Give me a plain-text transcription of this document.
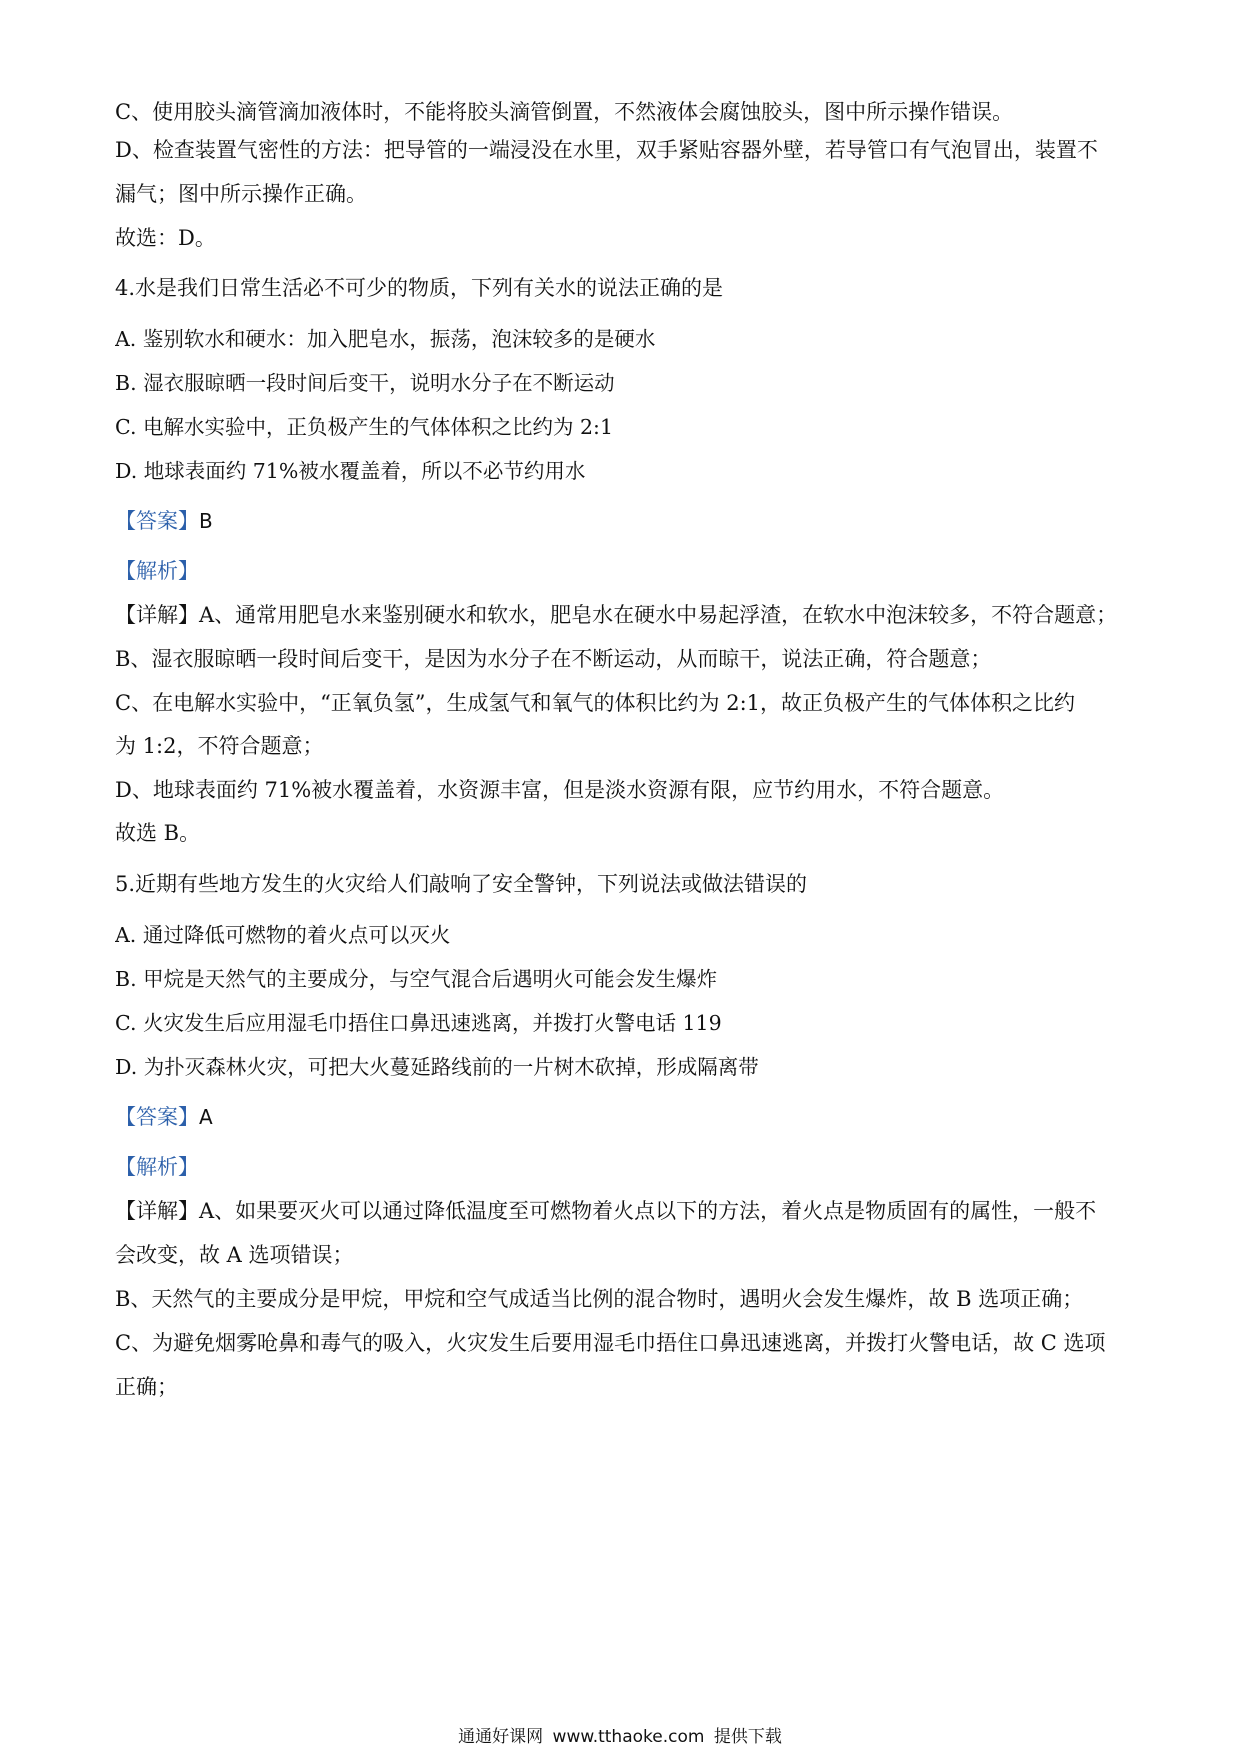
C、使用胶头滴管滴加液体时，不能将胶头滴管倒置，不然液体会腐蚀胶头，图中所示操作错误。
D、检查装置气密性的方法：把导管的一端浸没在水里，双手紧贴容器外壁，若导管口有气泡冒出，装置不
漏气；图中所示操作正确。
故选：D。
4.水是我们日常生活必不可少的物质，下列有关水的说法正确的是
A. 鉴别软水和硬水：加入肥皂水，振荡，泡沫较多的是硬水
B. 湿衣服晾晒一段时间后变干，说明水分子在不断运动
C. 电解水实验中，正负极产生的气体体积之比约为 2:1
D. 地球表面约 71%被水覆盖着，所以不必节约用水
【答案】B
【解析】
【详解】A、通常用肥皂水来鉴别硬水和软水，肥皂水在硬水中易起浮渣，在软水中泡沫较多，不符合题意；
B、湿衣服晾晒一段时间后变干，是因为水分子在不断运动，从而晾干，说法正确，符合题意；
C、在电解水实验中，“正氧负氢”，生成氢气和氧气的体积比约为 2:1，故正负极产生的气体体积之比约
为 1:2，不符合题意；
D、地球表面约 71%被水覆盖着，水资源丰富，但是淡水资源有限，应节约用水，不符合题意。
故选 B。
5.近期有些地方发生的火灾给人们敲响了安全警钟，下列说法或做法错误的
A. 通过降低可燃物的着火点可以灭火
B. 甲烷是天然气的主要成分，与空气混合后遇明火可能会发生爆炸
C. 火灾发生后应用湿毛巾捂住口鼻迅速逃离，并拨打火警电话 119
D. 为扑灭森林火灾，可把大火蔓延路线前的一片树木砍掉，形成隔离带
【答案】A
【解析】
【详解】A、如果要灭火可以通过降低温度至可燃物着火点以下的方法，着火点是物质固有的属性，一般不
会改变，故 A 选项错误；
B、天然气的主要成分是甲烷，甲烷和空气成适当比例的混合物时，遇明火会发生爆炸，故 B 选项正确；
C、为避免烟雾呛鼻和毒气的吸入，火灾发生后要用湿毛巾捂住口鼻迅速逃离，并拨打火警电话，故 C 选项
正确；
通通好课网 www.tthaoke.com 提供下载
